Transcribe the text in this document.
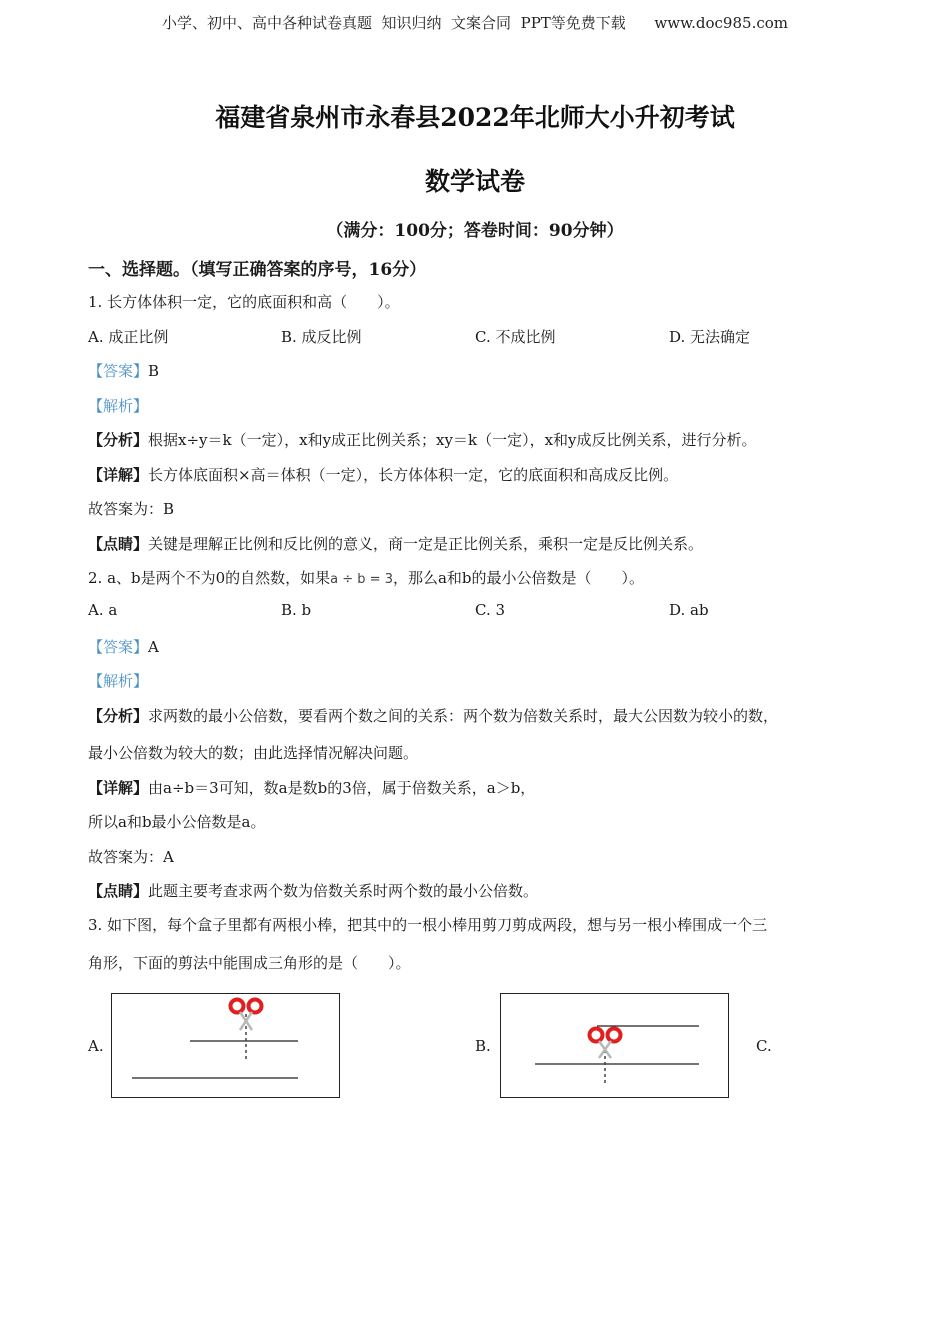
小学、初中、高中各种试卷真题  知识归纳  文案合同  PPT等免费下载      www.doc985.com
福建省泉州市永春县2022年北师大小升初考试
数学试卷
（满分：100分；答卷时间：90分钟）
一、选择题。（填写正确答案的序号，16分）
1. 长方体体积一定，它的底面积和高（　　）。
A. 成正比例	B. 成反比例	C. 不成比例	D. 无法确定
【答案】B
【解析】
【分析】根据x÷y＝k（一定），x和y成正比例关系；xy＝k（一定），x和y成反比例关系，进行分析。
【详解】长方体底面积×高＝体积（一定），长方体体积一定，它的底面积和高成反比例。
故答案为：B
【点睛】关键是理解正比例和反比例的意义，商一定是正比例关系，乘积一定是反比例关系。
2. a、b是两个不为0的自然数，如果a ÷ b = 3，那么a和b的最小公倍数是（　　）。
A. a	B. b	C. 3	D. ab
【答案】A
【解析】
【分析】求两数的最小公倍数，要看两个数之间的关系：两个数为倍数关系时，最大公因数为较小的数，
最小公倍数为较大的数；由此选择情况解决问题。
【详解】由a÷b＝3可知，数a是数b的3倍，属于倍数关系，a＞b，
所以a和b最小公倍数是a。
故答案为：A
【点睛】此题主要考查求两个数为倍数关系时两个数的最小公倍数。
3. 如下图，每个盒子里都有两根小棒，把其中的一根小棒用剪刀剪成两段，想与另一根小棒围成一个三
角形，下面的剪法中能围成三角形的是（　　）。
A.	B.	C.
